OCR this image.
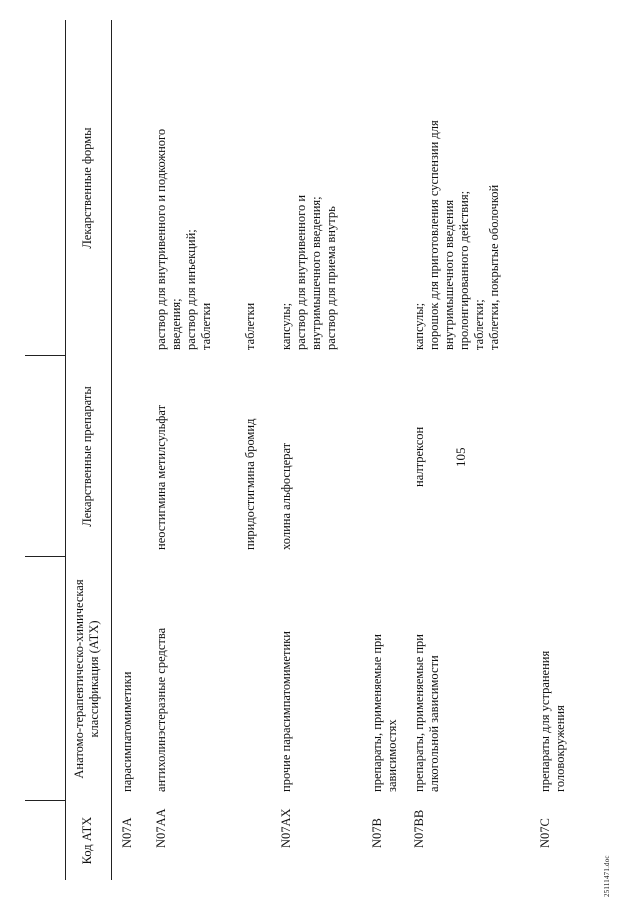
105
Код АТХ
Анатомо-терапевтическо-химическая классификация (АТХ)
Лекарственные препараты
Лекарственные формы
N07A
парасимпатомиметики
N07AA
антихолинэстеразные средства
неостигмина метилсульфат
раствор для внутривенного и подкожного введения; раствор для инъекций; таблетки
пиридостигмина бромид
таблетки
N07AX
прочие парасимпатомиметики
холина альфосцерат
капсулы; раствор для внутривенного и внутримышечного введения; раствор для приема внутрь
N07B
препараты, применяемые при зависимостях
N07BB
препараты, применяемые при алкогольной зависимости
налтрексон
капсулы; порошок для приготовления суспензии для внутримышечного введения пролонгированного действия; таблетки; таблетки, покрытые оболочкой
N07C
препараты для устранения головокружения
25111471.doc
